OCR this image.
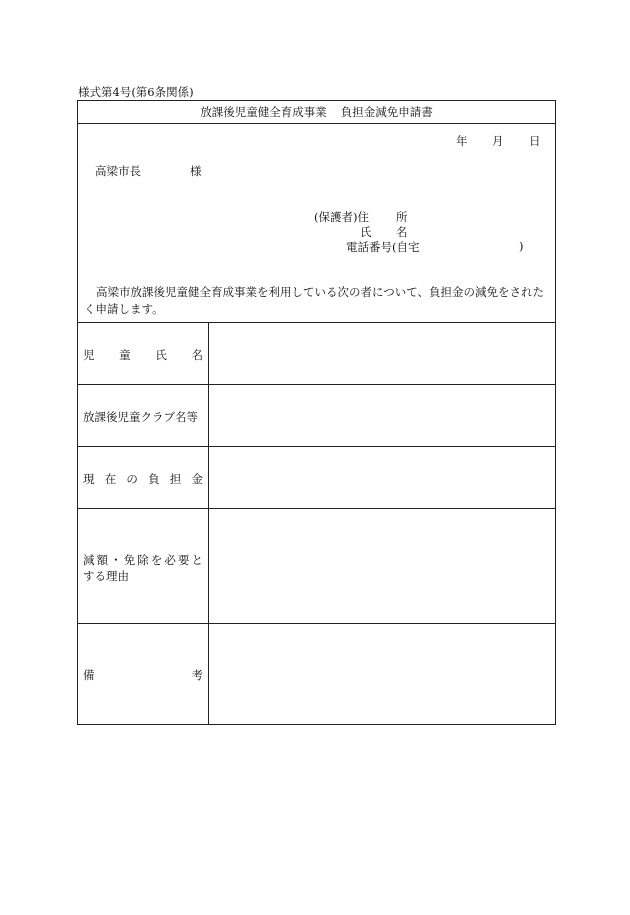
様式第4号(第6条関係)
放課後児童健全育成事業 負担金減免申請書
年 月 日
高梁市長	様
(保護者)住 所
氏 名
電話番号(自宅	)
高梁市放課後児童健全育成事業を利用している次の者について、負担金の減免をされたく申請します。
児 童 氏 名
放課後児童クラブ名等
現 在 の 負 担 金
減 額 ・ 免 除 を 必 要 と
する理由
備	考
